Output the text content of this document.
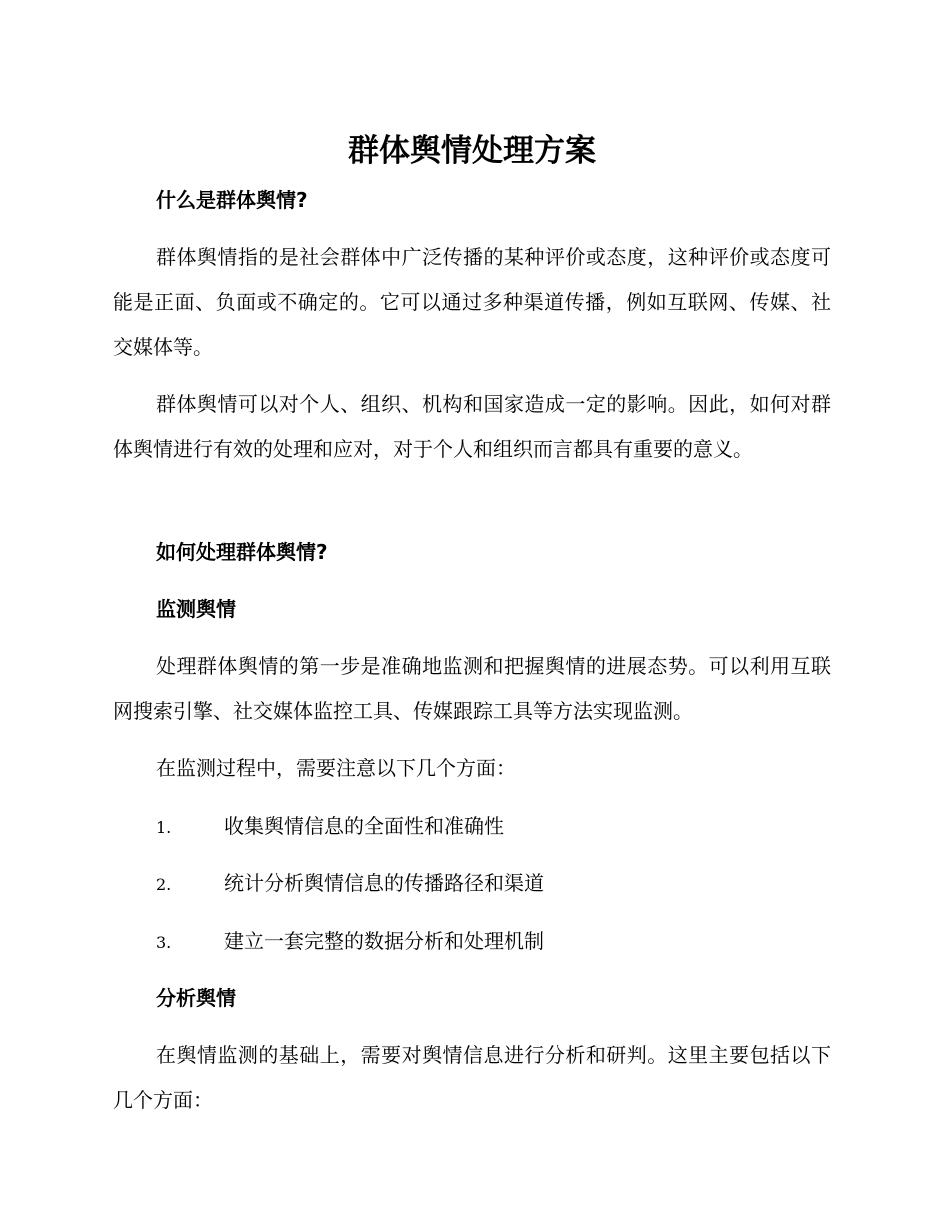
群体舆情处理方案
什么是群体舆情?

群体舆情指的是社会群体中广泛传播的某种评价或态度，这种评价或态度可能是正面、负面或不确定的。它可以通过多种渠道传播，例如互联网、传媒、社交媒体等。

群体舆情可以对个人、组织、机构和国家造成一定的影响。因此，如何对群体舆情进行有效的处理和应对，对于个人和组织而言都具有重要的意义。

如何处理群体舆情?
监测舆情

处理群体舆情的第一步是准确地监测和把握舆情的进展态势。可以利用互联网搜索引擎、社交媒体监控工具、传媒跟踪工具等方法实现监测。

在监测过程中，需要注意以下几个方面：

1.	收集舆情信息的全面性和准确性
2.	统计分析舆情信息的传播路径和渠道
3.	建立一套完整的数据分析和处理机制
分析舆情

在舆情监测的基础上，需要对舆情信息进行分析和研判。这里主要包括以下几个方面：
